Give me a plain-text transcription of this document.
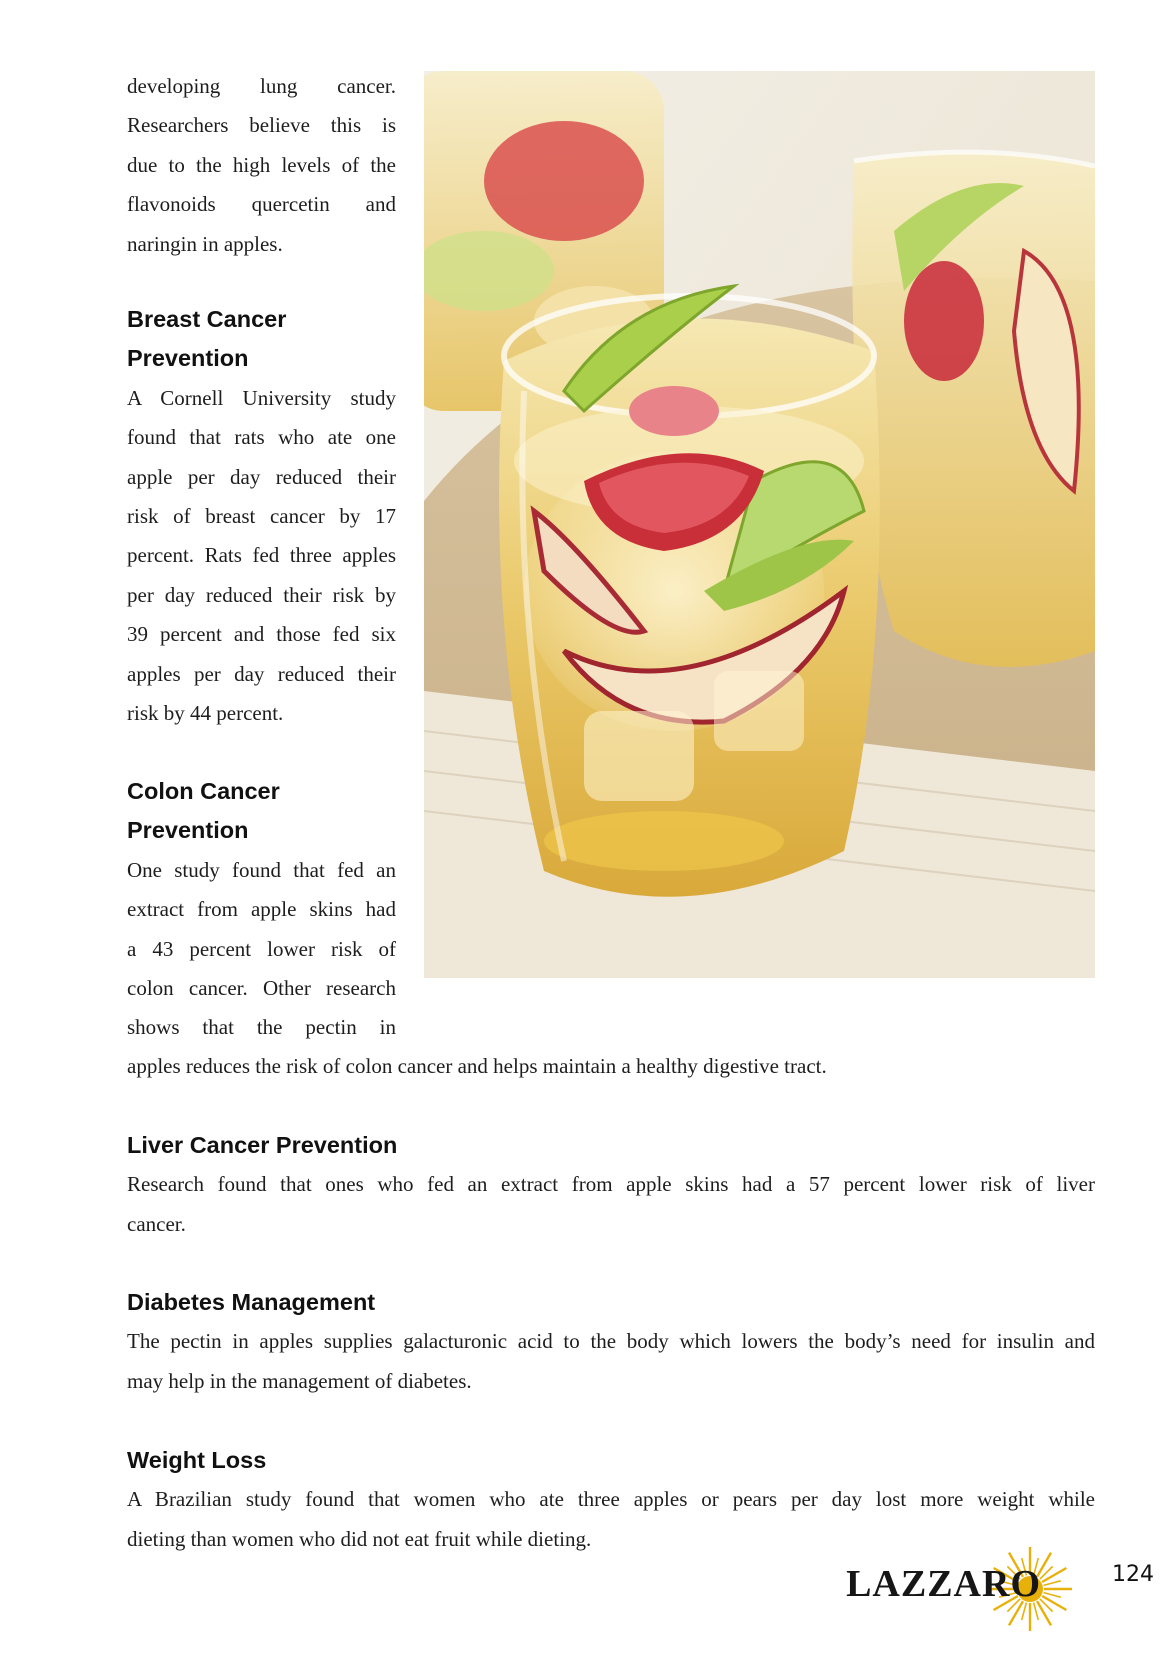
developing lung cancer.

Researchers believe this is

due to the high levels of the

flavonoids quercetin and

naringin in apples.

Breast Cancer
Prevention

A Cornell University study

found that rats who ate one

apple per day reduced their

risk of breast cancer by 17

percent. Rats fed three apples

per day reduced their risk by

39 percent and those fed six

apples per day reduced their

risk by 44 percent.

Colon Cancer
Prevention

One study found that fed an

extract from apple skins had

a 43 percent lower risk of

colon cancer. Other research

shows that the pectin in

apples reduces the risk of colon cancer and helps maintain a healthy digestive tract.

Liver Cancer Prevention

Research found that ones who fed an extract from apple skins had a 57 percent lower risk of liver

cancer.

Diabetes Management

The pectin in apples supplies galacturonic acid to the body which lowers the body’s need for insulin and

may help in the management of diabetes.

Weight Loss

A Brazilian study found that women who ate three apples or pears per day lost more weight while

dieting than women who did not eat fruit while dieting.

LAZZARO	124
